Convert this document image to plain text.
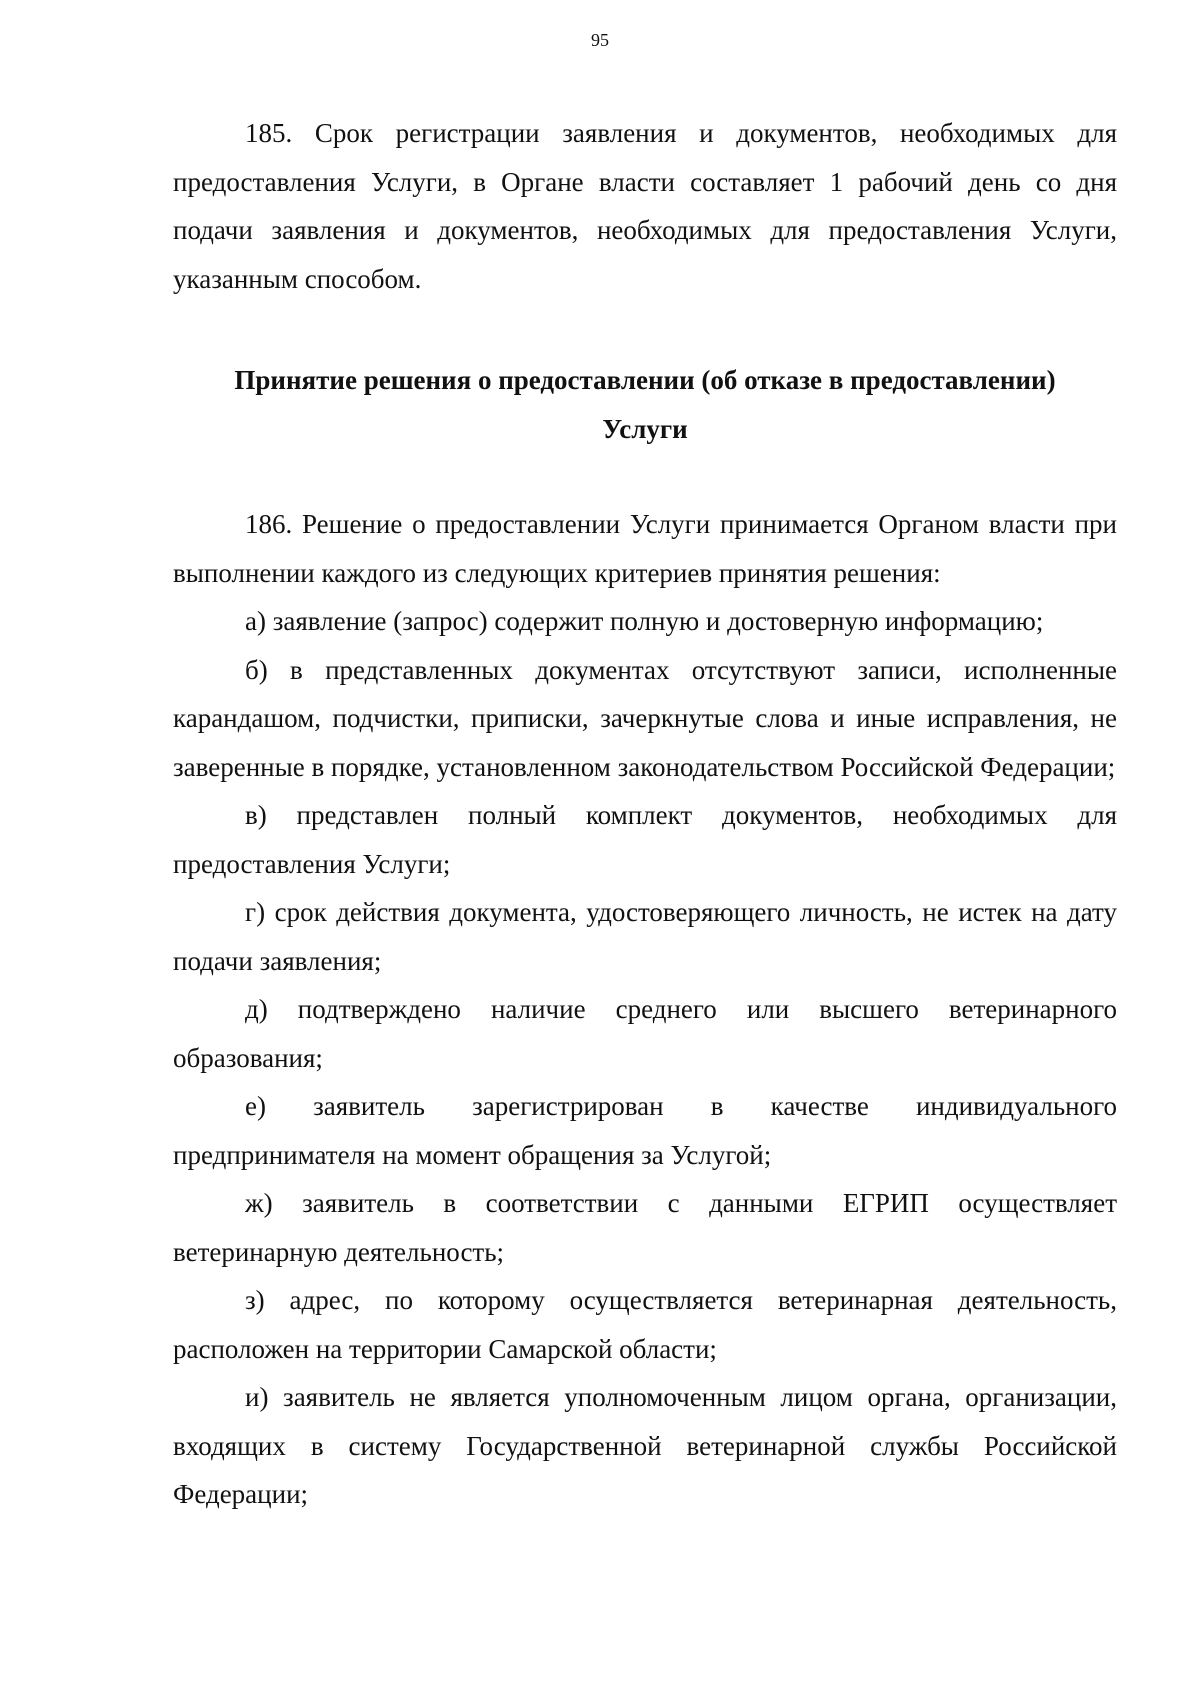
95

185. Срок регистрации заявления и документов, необходимых для предоставления Услуги, в Органе власти составляет 1 рабочий день со дня подачи заявления и документов, необходимых для предоставления Услуги, указанным способом.

Принятие решения о предоставлении (об отказе в предоставлении)
Услуги

186. Решение о предоставлении Услуги принимается Органом власти при выполнении каждого из следующих критериев принятия решения:

а) заявление (запрос) содержит полную и достоверную информацию;

б) в представленных документах отсутствуют записи, исполненные карандашом, подчистки, приписки, зачеркнутые слова и иные исправления, не заверенные в порядке, установленном законодательством Российской Федерации;

в) представлен полный комплект документов, необходимых для предоставления Услуги;

г) срок действия документа, удостоверяющего личность, не истек на дату подачи заявления;

д) подтверждено наличие среднего или высшего ветеринарного образования;

е) заявитель зарегистрирован в качестве индивидуального предпринимателя на момент обращения за Услугой;

ж) заявитель в соответствии с данными ЕГРИП осуществляет ветеринарную деятельность;

з) адрес, по которому осуществляется ветеринарная деятельность, расположен на территории Самарской области;

и) заявитель не является уполномоченным лицом органа, организации, входящих в систему Государственной ветеринарной службы Российской Федерации;
